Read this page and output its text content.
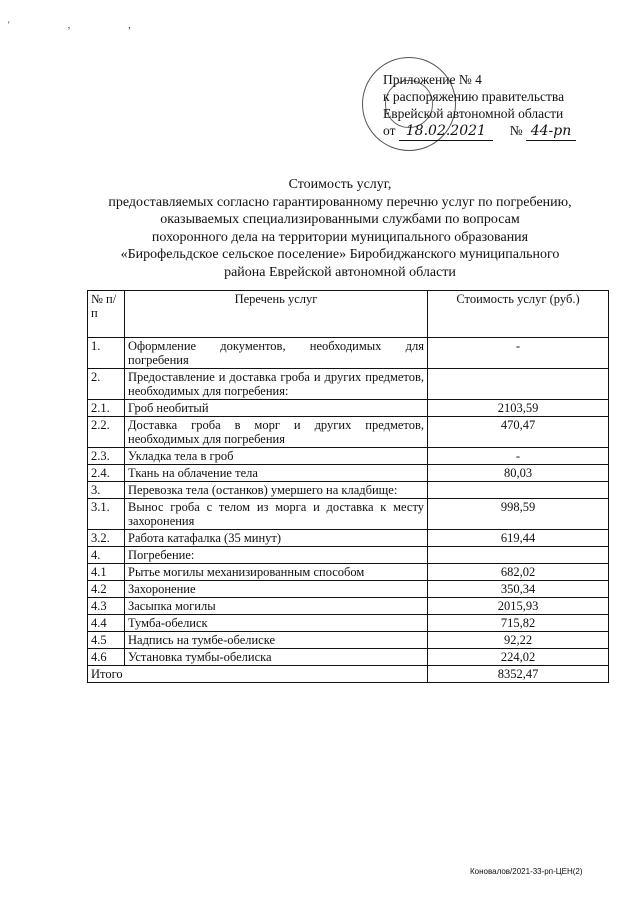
' , ,
Приложение № 4
к распоряжению правительства
Еврейской автономной области
от 18.02.2021 № 44-рп
Стоимость услуг,
предоставляемых согласно гарантированному перечню услуг по погребению,
оказываемых специализированными службами по вопросам
похоронного дела на территории муниципального образования
«Бирофельдское сельское поселение» Биробиджанского муниципального
района Еврейской автономной области
№ п/п	Перечень услуг	Стоимость услуг (руб.)
1.	Оформление документов, необходимых для погребения	-
2.	Предоставление и доставка гроба и других предметов, необходимых для погребения:	
2.1.	Гроб необитый	2103,59
2.2.	Доставка гроба в морг и других предметов, необходимых для погребения	470,47
2.3.	Укладка тела в гроб	-
2.4.	Ткань на облачение тела	80,03
3.	Перевозка тела (останков) умершего на кладбище:	
3.1.	Вынос гроба с телом из морга и доставка к месту захоронения	998,59
3.2.	Работа катафалка (35 минут)	619,44
4.	Погребение:	
4.1	Рытье могилы механизированным способом	682,02
4.2	Захоронение	350,34
4.3	Засыпка могилы	2015,93
4.4	Тумба-обелиск	715,82
4.5	Надпись на тумбе-обелиске	92,22
4.6	Установка тумбы-обелиска	224,02
Итого		8352,47
Коновалов/2021-33-рп-ЦЕН(2)
